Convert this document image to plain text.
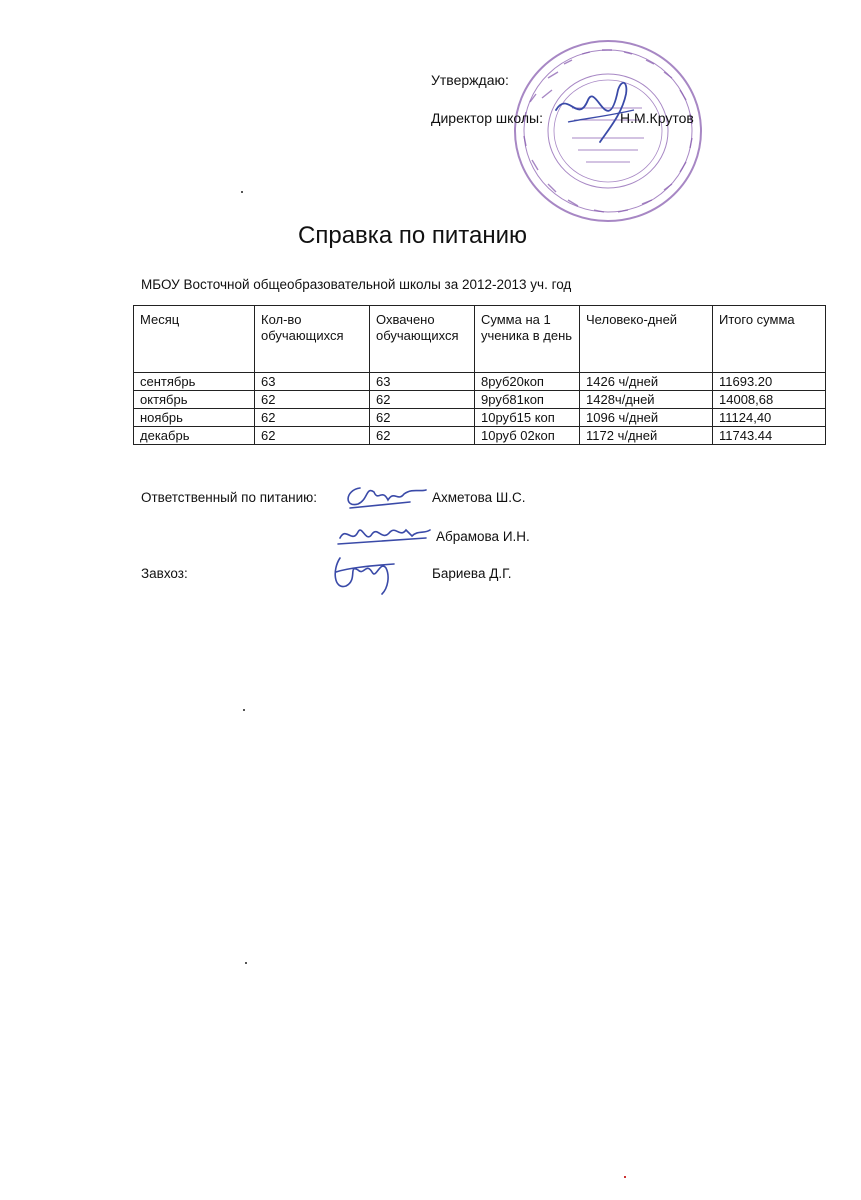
Утверждаю:
Директор школы:	Н.М.Крутов
Справка по питанию
МБОУ Восточной общеобразовательной школы за 2012-2013 уч. год
Месяц	Кол-во обучающихся	Охвачено обучающихся	Сумма на 1 ученика в день	Человеко-дней	Итого сумма
сентябрь	63	63	8руб20коп	1426 ч/дней	11693.20
октябрь	62	62	9руб81коп	1428ч/дней	14008,68
ноябрь	62	62	10руб15 коп	1096 ч/дней	11124,40
декабрь	62	62	10руб 02коп	1172 ч/дней	11743.44
Ответственный по питанию:	Ахметова Ш.С.
Абрамова И.Н.
Завхоз:	Бариева Д.Г.
